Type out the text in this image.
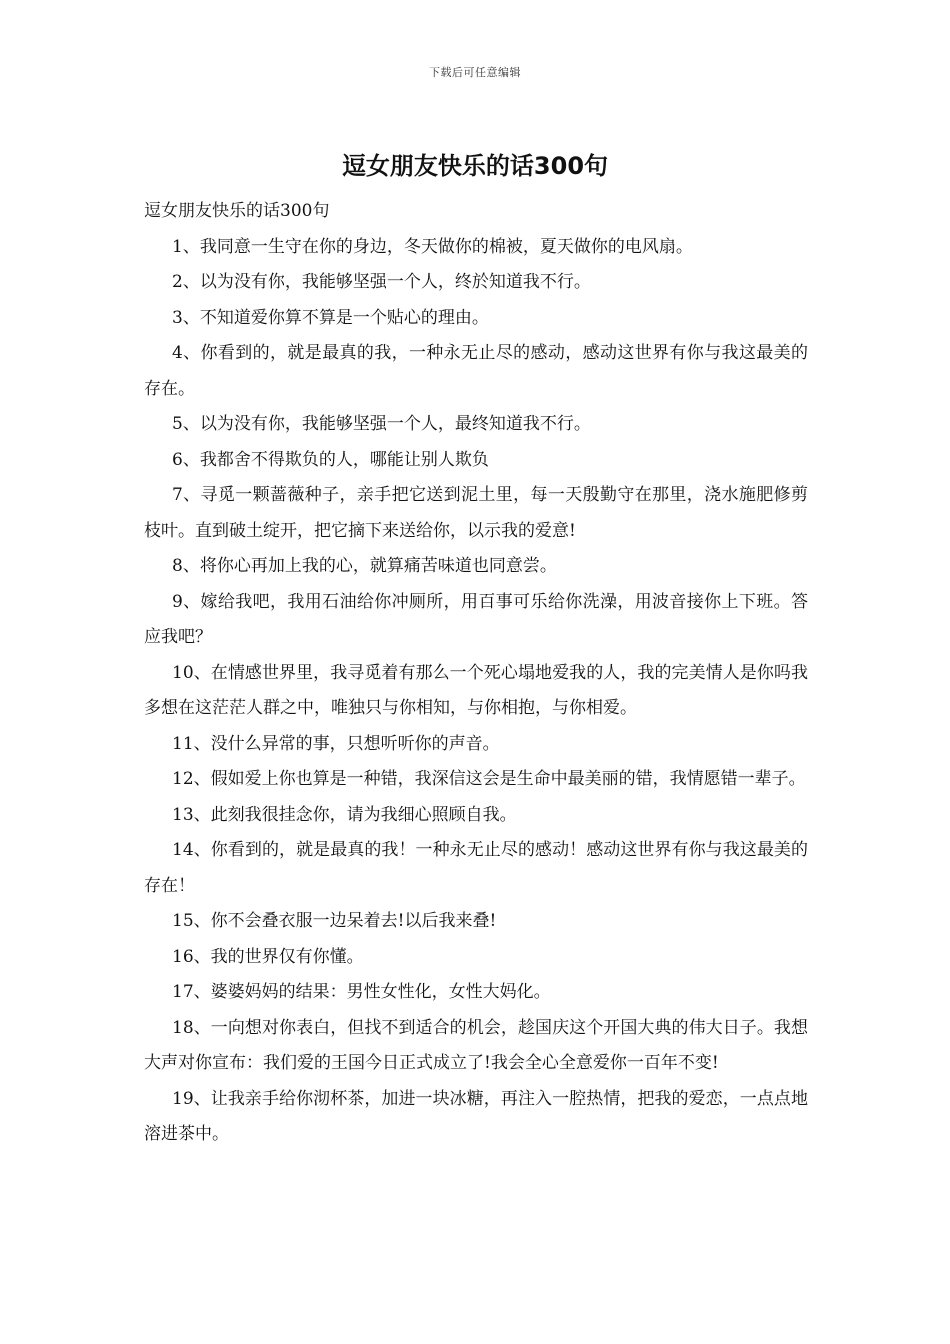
下载后可任意编辑
逗女朋友快乐的话300句

逗女朋友快乐的话300句

1、我同意一生守在你的身边，冬天做你的棉被，夏天做你的电风扇。

2、以为没有你，我能够坚强一个人，终於知道我不行。

3、不知道爱你算不算是一个贴心的理由。

4、你看到的，就是最真的我，一种永无止尽的感动，感动这世界有你与我这最美的存在。

5、以为没有你，我能够坚强一个人，最终知道我不行。

6、我都舍不得欺负的人，哪能让别人欺负

7、寻觅一颗蔷薇种子，亲手把它送到泥土里，每一天殷勤守在那里，浇水施肥修剪枝叶。直到破土绽开，把它摘下来送给你，以示我的爱意!

8、将你心再加上我的心，就算痛苦味道也同意尝。

9、嫁给我吧，我用石油给你冲厕所，用百事可乐给你洗澡，用波音接你上下班。答应我吧？

10、在情感世界里，我寻觅着有那么一个死心塌地爱我的人，我的完美情人是你吗我多想在这茫茫人群之中，唯独只与你相知，与你相抱，与你相爱。

11、没什么异常的事，只想听听你的声音。

12、假如爱上你也算是一种错，我深信这会是生命中最美丽的错，我情愿错一辈子。

13、此刻我很挂念你，请为我细心照顾自我。

14、你看到的，就是最真的我！一种永无止尽的感动！感动这世界有你与我这最美的存在！

15、你不会叠衣服一边呆着去!以后我来叠!

16、我的世界仅有你懂。

17、婆婆妈妈的结果：男性女性化，女性大妈化。

18、一向想对你表白，但找不到适合的机会，趁国庆这个开国大典的伟大日子。我想大声对你宣布：我们爱的王国今日正式成立了!我会全心全意爱你一百年不变!

19、让我亲手给你沏杯茶，加进一块冰糖，再注入一腔热情，把我的爱恋，一点点地溶进茶中。
